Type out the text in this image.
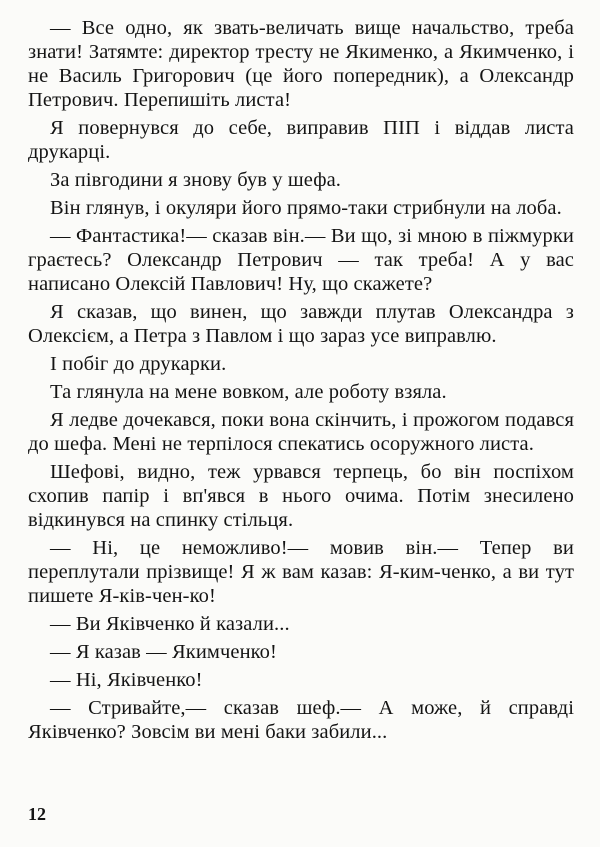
— Все одно, як звать-величать вище начальство, треба знати! Затямте: директор тресту не Якименко, а Якимченко, і не Василь Григорович (це його попередник), а Олександр Петрович. Перепишіть листа!

Я повернувся до себе, виправив ПІП і віддав листа друкарці.

За півгодини я знову був у шефа.

Він глянув, і окуляри його прямо-таки стрибнули на лоба.

— Фантастика!— сказав він.— Ви що, зі мною в піжмурки граєтесь? Олександр Петрович — так треба! А у вас написано Олексій Павлович! Ну, що скажете?

Я сказав, що винен, що завжди плутав Олександра з Олексієм, а Петра з Павлом і що зараз усе виправлю.

І побіг до друкарки.

Та глянула на мене вовком, але роботу взяла.

Я ледве дочекався, поки вона скінчить, і прожогом подався до шефа. Мені не терпілося спекатись осоружного листа.

Шефові, видно, теж урвався терпець, бо він поспіхом схопив папір і вп'явся в нього очима. Потім знесилено відкинувся на спинку стільця.

— Ні, це неможливо!— мовив він.— Тепер ви переплутали прізвище! Я ж вам казав: Я-ким-ченко, а ви тут пишете Я-ків-чен-ко!

— Ви Яківченко й казали...

— Я казав — Якимченко!

— Ні, Яківченко!

— Стривайте,— сказав шеф.— А може, й справді Яківченко? Зовсім ви мені баки забили...

12
